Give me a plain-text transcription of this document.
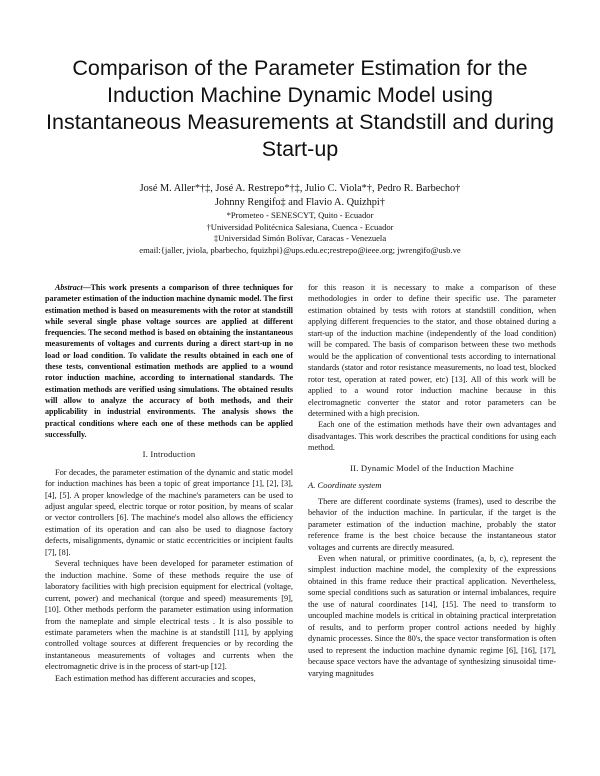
Comparison of the Parameter Estimation for the Induction Machine Dynamic Model using Instantaneous Measurements at Standstill and during Start-up
José M. Aller*†‡, José A. Restrepo*†‡, Julio C. Viola*†, Pedro R. Barbecho†
Johnny Rengifo‡ and Flavio A. Quizhpi†
*Prometeo - SENESCYT, Quito - Ecuador
†Universidad Politécnica Salesiana, Cuenca - Ecuador
‡Universidad Simón Bolívar, Caracas - Venezuela
email:{jaller, jviola, pbarbecho, fquizhpi}@ups.edu.ec;restrepo@ieee.org; jwrengifo@usb.ve

Abstract—This work presents a comparison of three techniques for parameter estimation of the induction machine dynamic model. The first estimation method is based on measurements with the rotor at standstill while several single phase voltage sources are applied at different frequencies. The second method is based on obtaining the instantaneous measurements of voltages and currents during a direct start-up in no load or load condition. To validate the results obtained in each one of these tests, conventional estimation methods are applied to a wound rotor induction machine, according to international standards. The estimation methods are verified using simulations. The obtained results will allow to analyze the accuracy of both methods, and their applicability in industrial environments. The analysis shows the practical conditions where each one of these methods can be applied successfully.

I. Introduction

For decades, the parameter estimation of the dynamic and static model for induction machines has been a topic of great importance [1], [2], [3], [4], [5]. A proper knowledge of the machine's parameters can be used to adjust angular speed, electric torque or rotor position, by means of scalar or vector controllers [6]. The machine's model also allows the efficiency estimation of its operation and can also be used to diagnose factory defects, misalignments, dynamic or static eccentricities or incipient faults [7], [8].

Several techniques have been developed for parameter estimation of the induction machine. Some of these methods require the use of laboratory facilities with high precision equipment for electrical (voltage, current, power) and mechanical (torque and speed) measurements [9], [10]. Other methods perform the parameter estimation using information from the nameplate and simple electrical tests . It is also possible to estimate parameters when the machine is at standstill [11], by applying controlled voltage sources at different frequencies or by recording the instantaneous measurements of voltages and currents when the electromagnetic drive is in the process of start-up [12].

Each estimation method has different accuracies and scopes,

for this reason it is necessary to make a comparison of these methodologies in order to define their specific use. The parameter estimation obtained by tests with rotors at standstill condition, when applying different frequencies to the stator, and those obtained during a start-up of the induction machine (independently of the load condition) will be compared. The basis of comparison between these two methods would be the application of conventional tests according to international standards (stator and rotor resistance measurements, no load test, blocked rotor test, operation at rated power, etc) [13]. All of this work will be applied to a wound rotor induction machine because in this electromagnetic converter the stator and rotor parameters can be determined with a high precision.

Each one of the estimation methods have their own advantages and disadvantages. This work describes the practical conditions for using each method.

II. Dynamic Model of the Induction Machine
A. Coordinate system

There are different coordinate systems (frames), used to describe the behavior of the induction machine. In particular, if the target is the parameter estimation of the induction machine, probably the stator reference frame is the best choice because the instantaneous stator voltages and currents are directly measured.

Even when natural, or primitive coordinates, (a, b, c), represent the simplest induction machine model, the complexity of the expressions obtained in this frame reduce their practical application. Nevertheless, some special conditions such as saturation or internal imbalances, require the use of natural coordinates [14], [15]. The need to transform to uncoupled machine models is critical in obtaining practical interpretation of results, and to perform proper control actions needed by highly dynamic processes. Since the 80's, the space vector transformation is often used to represent the induction machine dynamic regime [6], [16], [17], because space vectors have the advantage of synthesizing sinusoidal time-varying magnitudes
